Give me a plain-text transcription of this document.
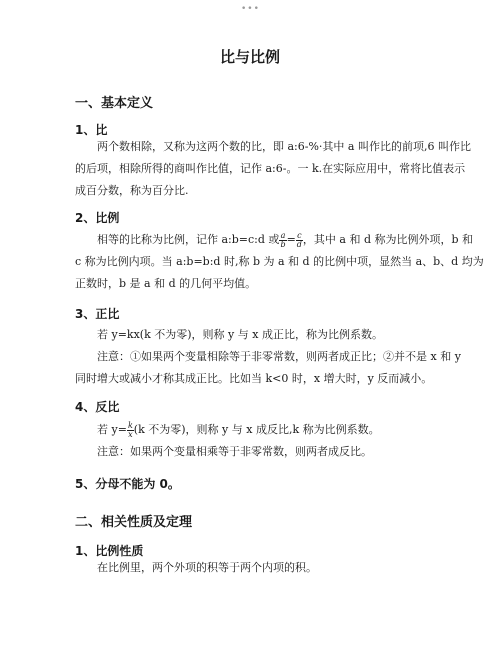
•••
比与比例
一、基本定义
1、比
两个数相除，又称为这两个数的比，即 a:6-%·其中 a 叫作比的前项,6 叫作比
的后项，相除所得的商叫作比值，记作 a:6-。一 k.在实际应用中，常将比值表示
成百分数，称为百分比.
2、比例
相等的比称为比例，记作 a:b=c:d 或 $\frac{a}{b} = \frac{c}{d}$ ，其中 a 和 d 称为比例外项，b 和
c 称为比例内项。当 a:b=b:d 时,称 b 为 a 和 d 的比例中项，显然当 a、b、d 均为
正数时，b 是 a 和 d 的几何平均值。
3、正比
若 y=kx(k 不为零)，则称 y 与 x 成正比，称为比例系数。
注意：①如果两个变量相除等于非零常数，则两者成正比；②并不是 x 和 y
同时增大或减小才称其成正比。比如当 k<0 时，x 增大时，y 反而减小。
4、反比
若 $y= \frac{k}{x} (k$ 不为零)，则称 y 与 x 成反比,k 称为比例系数。
注意：如果两个变量相乘等于非零常数，则两者成反比。
5、分母不能为 0。
二、相关性质及定理
1、比例性质
在比例里，两个外项的积等于两个内项的积。
